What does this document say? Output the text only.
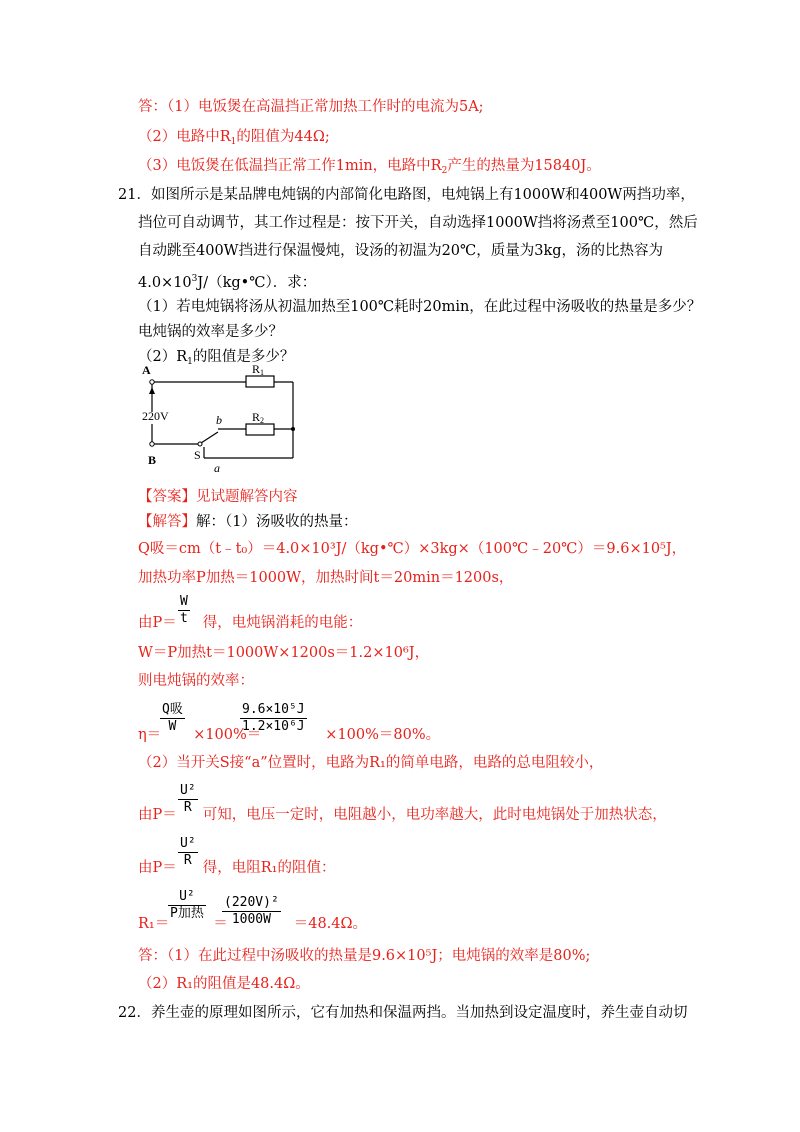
答：（1）电饭煲在高温挡正常加热工作时的电流为5A;
（2）电路中$R_1$的阻值为44Ω;
（3）电饭煲在低温挡正常工作1min，电路中$R_2$产生的热量为15840J。
21．如图所示是某品牌电炖锅的内部简化电路图，电炖锅上有1000W和400W两挡功率，
挡位可自动调节，其工作过程是：按下开关，自动选择1000W挡将汤煮至100℃，然后
自动跳至400W挡进行保温慢炖，设汤的初温为20℃，质量为3kg，汤的比热容为
$4.0\times 10^3J/(kg•℃)$．求：
（1）若电炖锅将汤从初温加热至100℃耗时20min，在此过程中汤吸收的热量是多少？
电炖锅的效率是多少？
$(2)R_1$的阻值是多少？
A
220V
B
R 1
R 2
b
S
a
【答案】见试题解答内容
【解答】解：（1）汤吸收的热量：
Q吸＝cm（t﹣t₀）＝4.0×10³J/（kg•℃）×3kg×（100℃﹣20℃）＝9.6×10⁵J，
加热功率P加热＝1000W，加热时间t＝20min＝1200s，
$\frac{W}{t}$
由P＝ 得，电炖锅消耗的电能：
W＝P加热t＝1000W×1200s＝1.2×10⁶J，
则电炖锅的效率：
Q吸
W	$\frac{\text{9.6×10⁵J}}{\text{1.2×10⁶J}}$
η＝ ×100%＝	×100%＝80%。
（2）当开关S接“a”位置时，电路为R₁的简单电路，电路的总电阻较小，
$\frac{\text{U²}}{R}$
由P＝ 可知，电压一定时，电阻越小，电功率越大，此时电炖锅处于加热状态，
$\frac{\text{U²}}{R}$
由P＝ 得，电阻R₁的阻值：
U²
P加热 $\frac{\text{(220V)²}}{1000W}$
R₁＝	＝	＝48.4Ω。
答：（1）在此过程中汤吸收的热量是9.6×10⁵J；电炖锅的效率是80%;
（2）R₁的阻值是48.4Ω。
22．养生壶的原理如图所示，它有加热和保温两挡。当加热到设定温度时，养生壶自动切
